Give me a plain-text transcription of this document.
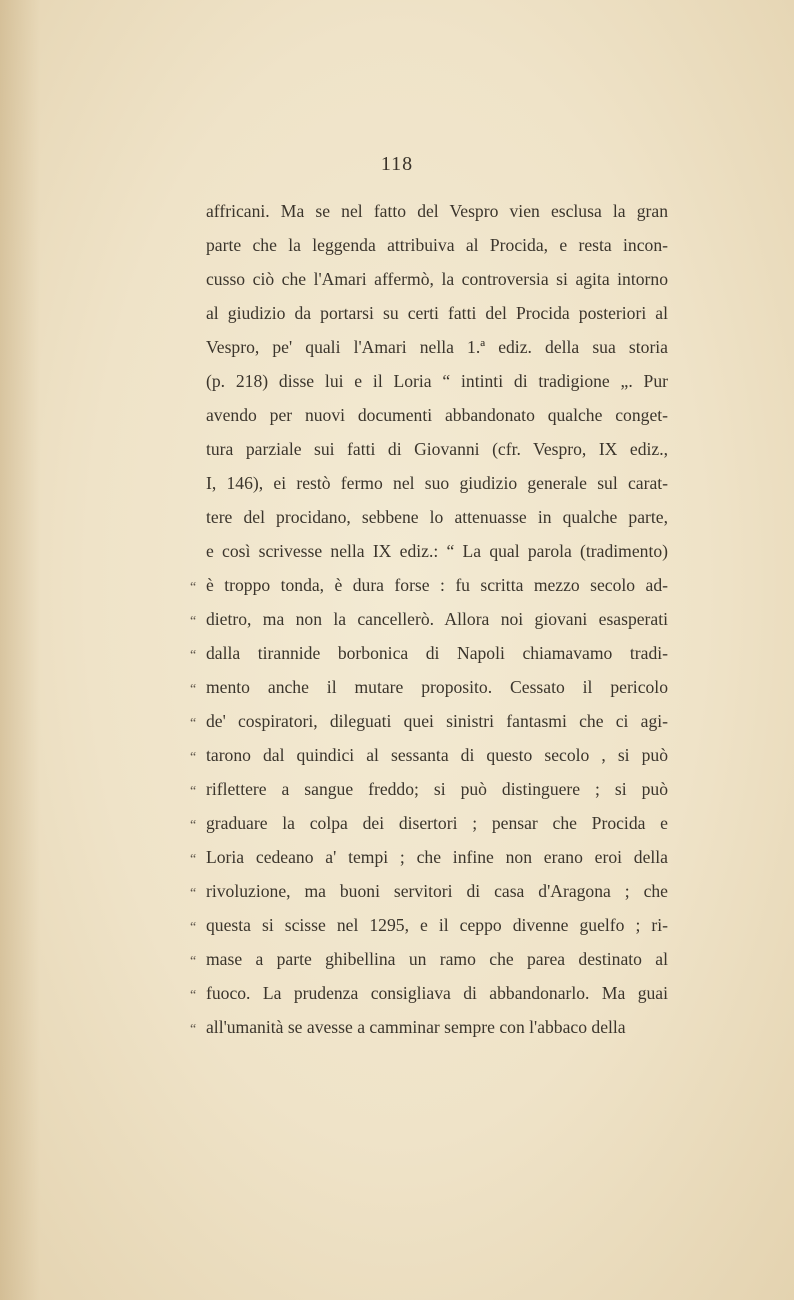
118
affricani. Ma se nel fatto del Vespro vien esclusa la gran
parte che la leggenda attribuiva al Procida, e resta incon-
cusso ciò che l'Amari affermò, la controversia si agita intorno
al giudizio da portarsi su certi fatti del Procida posteriori al
Vespro, pe' quali l'Amari nella 1.ª ediz. della sua storia
(p. 218) disse lui e il Loria “ intinti di tradigione „. Pur
avendo per nuovi documenti abbandonato qualche conget-
tura parziale sui fatti di Giovanni (cfr. Vespro, IX ediz.,
I, 146), ei restò fermo nel suo giudizio generale sul carat-
tere del procidano, sebbene lo attenuasse in qualche parte,
e così scrivesse nella IX ediz.: “ La qual parola (tradimento)
“ è troppo tonda, è dura forse : fu scritta mezzo secolo ad-
“ dietro, ma non la cancellerò. Allora noi giovani esasperati
“ dalla tirannide borbonica di Napoli chiamavamo tradi-
“ mento anche il mutare proposito. Cessato il pericolo
“ de' cospiratori, dileguati quei sinistri fantasmi che ci agi-
“ tarono dal quindici al sessanta di questo secolo , si può
“ riflettere a sangue freddo; si può distinguere ; si può
“ graduare la colpa dei disertori ; pensar che Procida e
“ Loria cedeano a' tempi ; che infine non erano eroi della
“ rivoluzione, ma buoni servitori di casa d'Aragona ; che
“ questa si scisse nel 1295, e il ceppo divenne guelfo ; ri-
“ mase a parte ghibellina un ramo che parea destinato al
“ fuoco. La prudenza consigliava di abbandonarlo. Ma guai
“ all'umanità se avesse a camminar sempre con l'abbaco della
